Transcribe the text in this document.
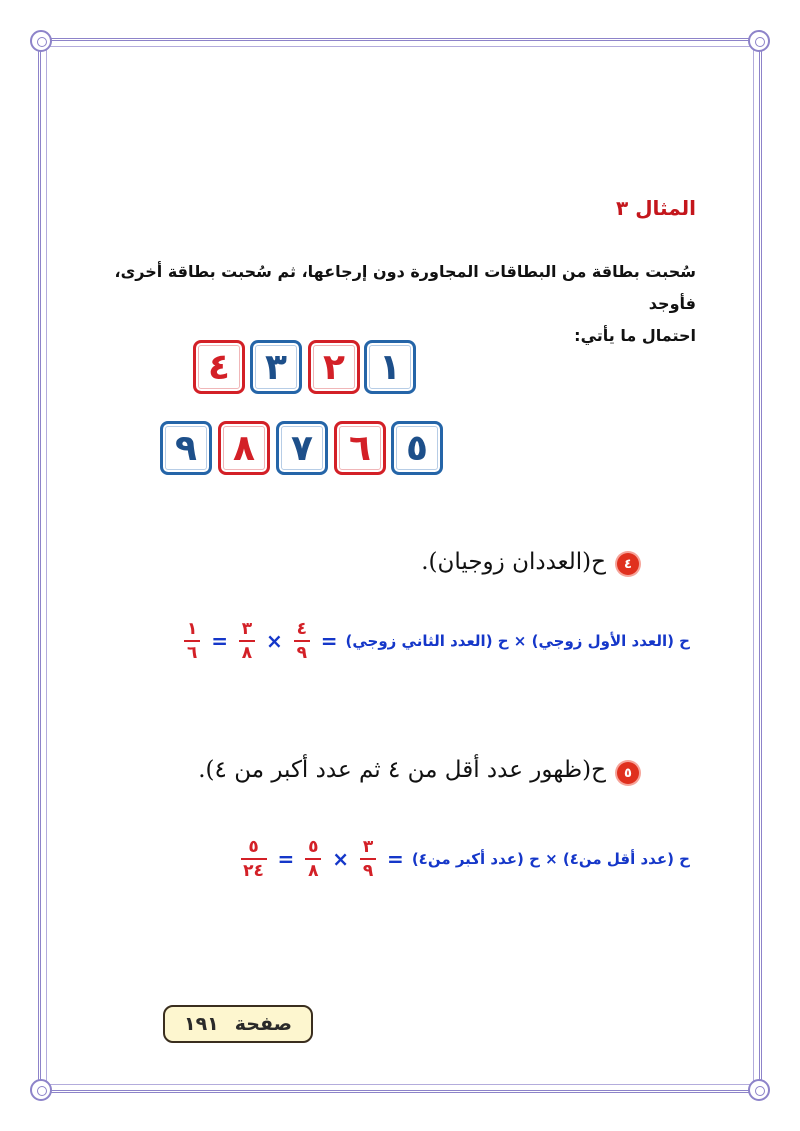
المثال ٣
سُحبت بطاقة من البطاقات المجاورة دون إرجاعها، ثم سُحبت بطاقة أخرى، فأوجد
احتمال ما يأتي:
١
٢
٣
٤
٥
٦
٧
٨
٩
٤
ح(العددان زوجيان).
ح (العدد الأول زوجي) × ح (العدد الثاني زوجي)
=
$\frac{٤}{٩}$
×
$\frac{٣}{٨}$
=
$\frac{١}{٦}$
٥
ح(ظهور عدد أقل من ٤ ثم عدد أكبر من ٤).
ح (عدد أقل من٤) × ح (عدد أكبر من٤)
=
$\frac{٣}{٩}$
×
$\frac{٥}{٨}$
=
$\frac{٥}{٢٤}$
صفحة
١٩١
